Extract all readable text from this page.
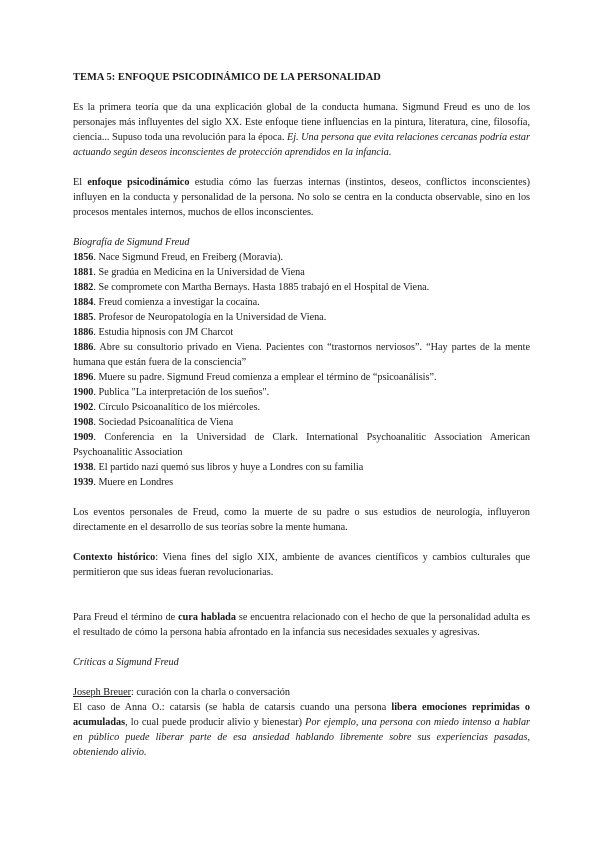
TEMA 5: ENFOQUE PSICODINÁMICO DE LA PERSONALIDAD

Es la primera teoría que da una explicación global de la conducta humana. Sigmund Freud es uno de los personajes más influyentes del siglo XX. Este enfoque tiene influencias en la pintura, literatura, cine, filosofía, ciencia... Supuso toda una revolución para la época. Ej. Una persona que evita relaciones cercanas podría estar actuando según deseos inconscientes de protección aprendidos en la infancia.

El enfoque psicodinámico estudia cómo las fuerzas internas (instintos, deseos, conflictos inconscientes) influyen en la conducta y personalidad de la persona. No solo se centra en la conducta observable, sino en los procesos mentales internos, muchos de ellos inconscientes.

Biografía de Sigmund Freud

1856. Nace Sigmund Freud, en Freiberg (Moravia).

1881. Se gradúa en Medicina en la Universidad de Viena

1882. Se compromete con Martha Bernays. Hasta 1885 trabajó en el Hospital de Viena.

1884. Freud comienza a investigar la cocaína.

1885. Profesor de Neuropatología en la Universidad de Viena.

1886. Estudia hipnosis con JM Charcot

1886. Abre su consultorio privado en Viena. Pacientes con “trastornos nerviosos”. “Hay partes de la mente humana que están fuera de la consciencia”

1896. Muere su padre. Sigmund Freud comienza a emplear el término de “psicoanálisis”.

1900. Publica "La interpretación de los sueños".

1902. Círculo Psicoanalítico de los miércoles.

1908. Sociedad Psicoanalítica de Viena

1909. Conferencia en la Universidad de Clark. International Psychoanalitic Association American Psychoanalitic Association

1938. El partido nazi quemó sus libros y huye a Londres con su familia

1939. Muere en Londres

Los eventos personales de Freud, como la muerte de su padre o sus estudios de neurología, influyeron directamente en el desarrollo de sus teorías sobre la mente humana.

Contexto histórico: Viena fines del siglo XIX, ambiente de avances científicos y cambios culturales que permitieron que sus ideas fueran revolucionarias.

Para Freud el término de cura hablada se encuentra relacionado con el hecho de que la personalidad adulta es el resultado de cómo la persona había afrontado en la infancia sus necesidades sexuales y agresivas.

Críticas a Sigmund Freud
Joseph Breuer: curación con la charla o conversación

El caso de Anna O.: catarsis (se habla de catarsis cuando una persona libera emociones reprimidas o acumuladas, lo cual puede producir alivio y bienestar) Por ejemplo, una persona con miedo intenso a hablar en público puede liberar parte de esa ansiedad hablando libremente sobre sus experiencias pasadas, obteniendo alivio.
